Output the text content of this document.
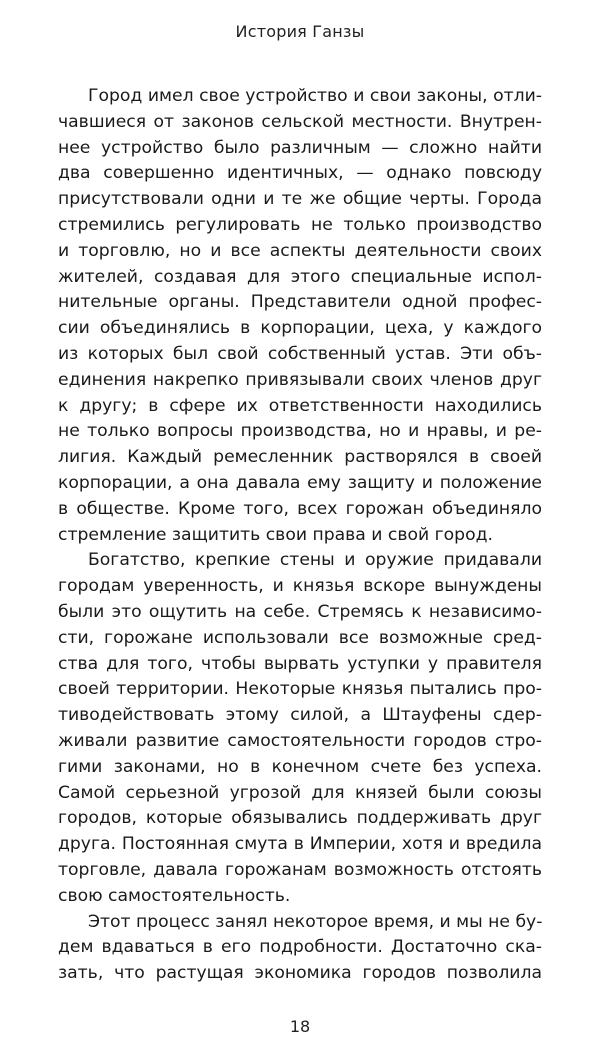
История Ганзы
Город имел свое устройство и свои законы, отли-
чавшиеся от законов сельской местности. Внутрен-
нее устройство было различным — сложно найти
два совершенно идентичных, — однако повсюду
присутствовали одни и те же общие черты. Города
стремились регулировать не только производство
и торговлю, но и все аспекты деятельности своих
жителей, создавая для этого специальные испол-
нительные органы. Представители одной профес-
сии объединялись в корпорации, цеха, у каждого
из которых был свой собственный устав. Эти объ-
единения накрепко привязывали своих членов друг
к другу; в сфере их ответственности находились
не только вопросы производства, но и нравы, и ре-
лигия. Каждый ремесленник растворялся в своей
корпорации, а она давала ему защиту и положение
в обществе. Кроме того, всех горожан объединяло
стремление защитить свои права и свой город.
Богатство, крепкие стены и оружие придавали
городам уверенность, и князья вскоре вынуждены
были это ощутить на себе. Стремясь к независимо-
сти, горожане использовали все возможные сред-
ства для того, чтобы вырвать уступки у правителя
своей территории. Некоторые князья пытались про-
тиводействовать этому силой, а Штауфены сдер-
живали развитие самостоятельности городов стро-
гими законами, но в конечном счете без успеха.
Самой серьезной угрозой для князей были союзы
городов, которые обязывались поддерживать друг
друга. Постоянная смута в Империи, хотя и вредила
торговле, давала горожанам возможность отстоять
свою самостоятельность.
Этот процесс занял некоторое время, и мы не бу-
дем вдаваться в его подробности. Достаточно ска-
зать, что растущая экономика городов позволила
18
